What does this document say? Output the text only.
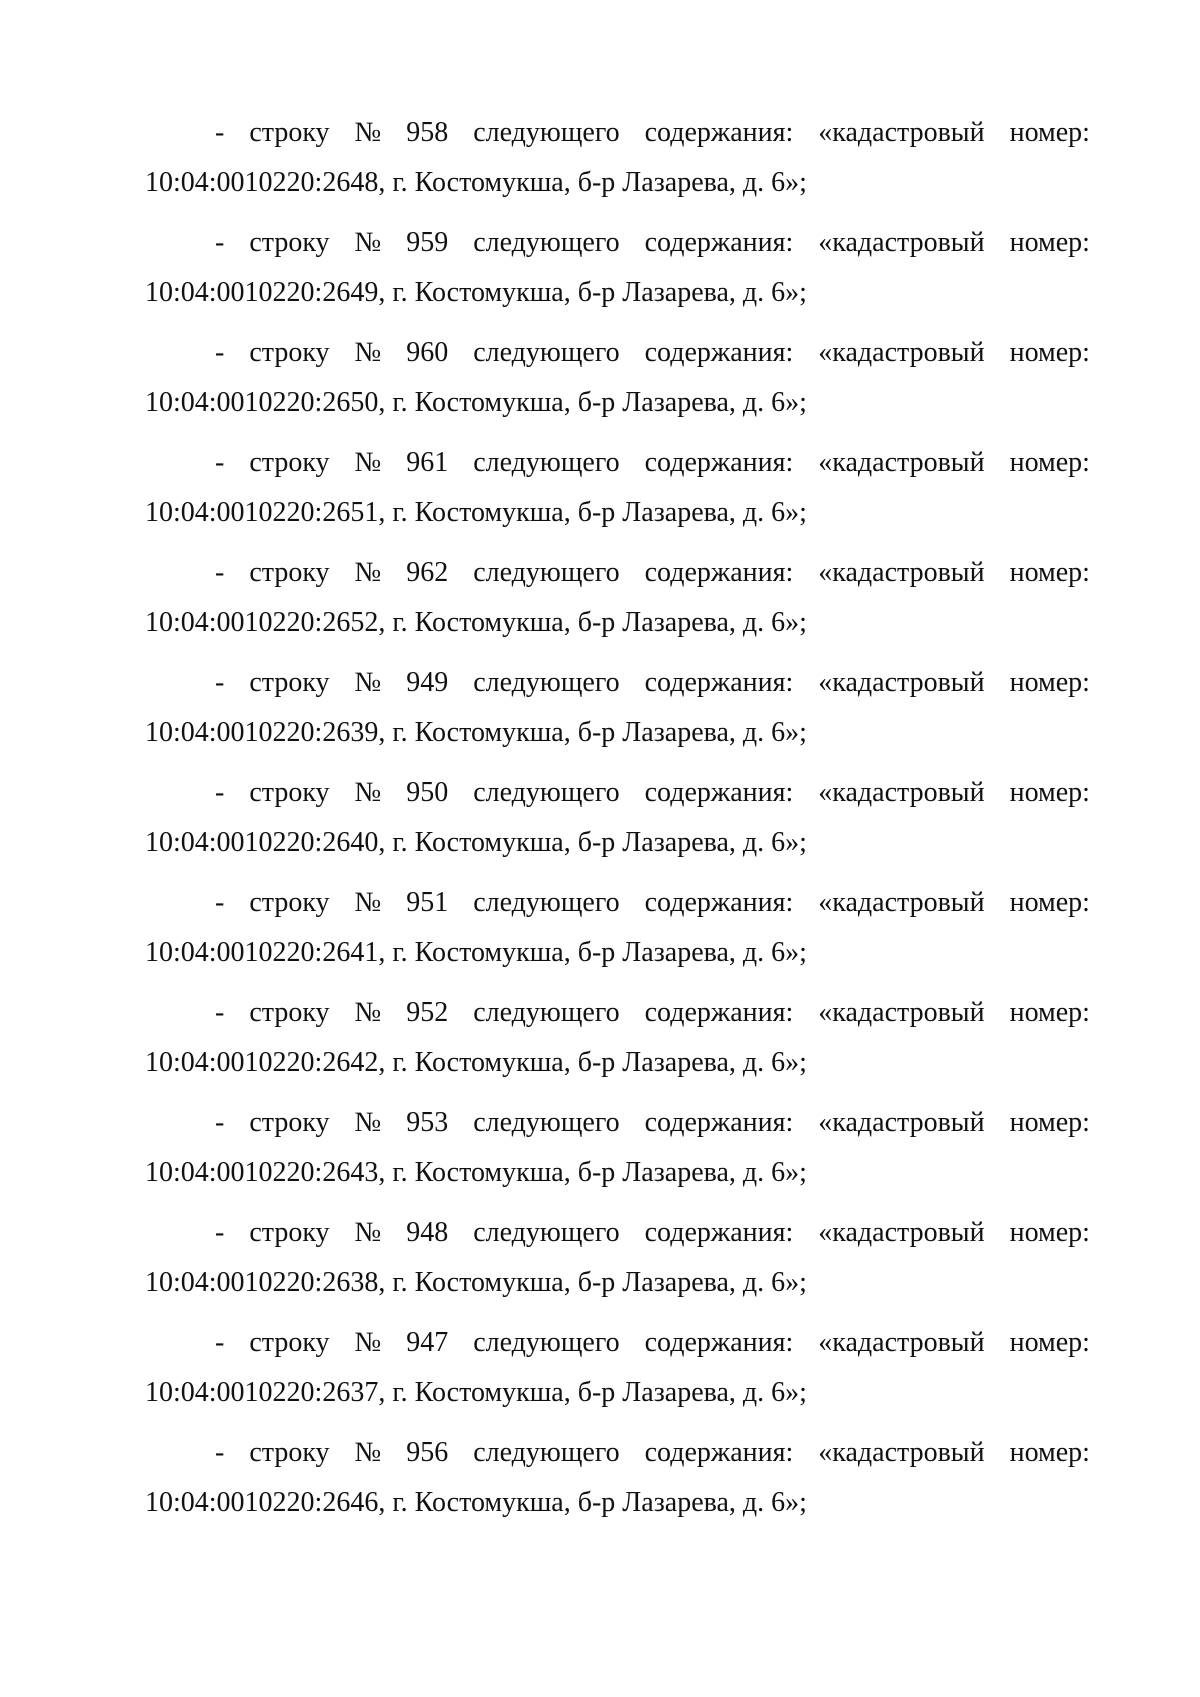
- строку № 958 следующего содержания: «кадастровый номер:
10:04:0010220:2648, г. Костомукша, б-р Лазарева, д. 6»;

- строку № 959 следующего содержания: «кадастровый номер:
10:04:0010220:2649, г. Костомукша, б-р Лазарева, д. 6»;

- строку № 960 следующего содержания: «кадастровый номер:
10:04:0010220:2650, г. Костомукша, б-р Лазарева, д. 6»;

- строку № 961 следующего содержания: «кадастровый номер:
10:04:0010220:2651, г. Костомукша, б-р Лазарева, д. 6»;

- строку № 962 следующего содержания: «кадастровый номер:
10:04:0010220:2652, г. Костомукша, б-р Лазарева, д. 6»;

- строку № 949 следующего содержания: «кадастровый номер:
10:04:0010220:2639, г. Костомукша, б-р Лазарева, д. 6»;

- строку № 950 следующего содержания: «кадастровый номер:
10:04:0010220:2640, г. Костомукша, б-р Лазарева, д. 6»;

- строку № 951 следующего содержания: «кадастровый номер:
10:04:0010220:2641, г. Костомукша, б-р Лазарева, д. 6»;

- строку № 952 следующего содержания: «кадастровый номер:
10:04:0010220:2642, г. Костомукша, б-р Лазарева, д. 6»;

- строку № 953 следующего содержания: «кадастровый номер:
10:04:0010220:2643, г. Костомукша, б-р Лазарева, д. 6»;

- строку № 948 следующего содержания: «кадастровый номер:
10:04:0010220:2638, г. Костомукша, б-р Лазарева, д. 6»;

- строку № 947 следующего содержания: «кадастровый номер:
10:04:0010220:2637, г. Костомукша, б-р Лазарева, д. 6»;

- строку № 956 следующего содержания: «кадастровый номер:
10:04:0010220:2646, г. Костомукша, б-р Лазарева, д. 6»;
